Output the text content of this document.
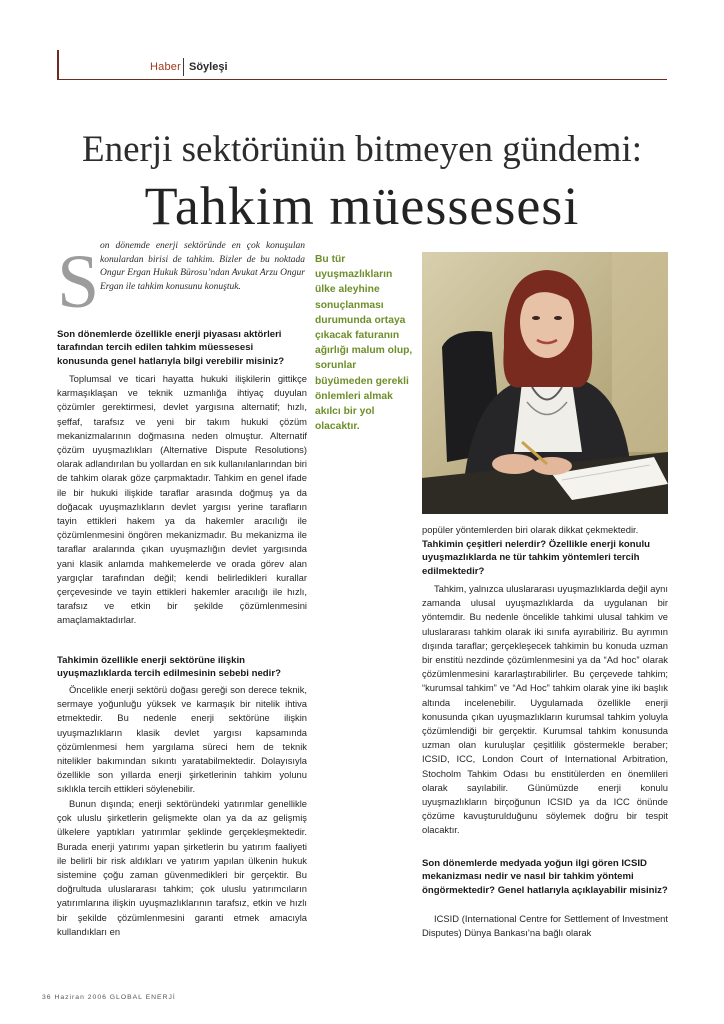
Haber Söyleşi
Enerji sektörünün bitmeyen gündemi:
Tahkim müessesesi
S on dönemde enerji sektöründe en çok konuşulan konulardan birisi de tahkim. Bizler de bu noktada Ongur Ergan Hukuk Bürosu’ndan Avukat Arzu Ongur Ergan ile tahkim konusunu konuştuk.
Bu tür uyuşmazlıkların ülke aleyhine sonuçlanması durumunda ortaya çıkacak faturanın ağırlığı malum olup, sorunlar büyümeden gerekli önlemleri almak akılcı bir yol olacaktır.

Son dönemlerde özellikle enerji piyasası aktörleri tarafından tercih edilen tahkim müessesesi konusunda genel hatlarıyla bilgi verebilir misiniz?

Toplumsal ve ticari hayatta hukuki ilişkilerin gittikçe karmaşıklaşan ve teknik uzmanlığa ihtiyaç duyulan çözümler gerektirmesi, devlet yargısına alternatif; hızlı, şeffaf, tarafsız ve yeni bir takım hukuki çözüm mekanizmalarının doğmasına neden olmuştur. Alternatif çözüm uyuşmazlıkları (Alternative Dispute Resolutions) olarak adlandırılan bu yollardan en sık kullanılanlarından biri de tahkim olarak göze çarpmaktadır. Tahkim en genel ifade ile bir hukuki ilişkide taraflar arasında doğmuş ya da doğacak uyuşmazlıkların devlet yargısı yerine tarafların tayin ettikleri hakem ya da hakemler aracılığı ile çözümlenmesini öngören mekanizmadır. Bu mekanizma ile taraflar aralarında çıkan uyuşmazlığın devlet yargısında yani klasik anlamda mahkemelerde ve orada görev alan yargıçlar tarafından değil; kendi belirledikleri kurallar çerçevesinde ve tayin ettikleri hakemler aracılığı ile hızlı, tarafsız ve etkin bir şekilde çözümlenmesini amaçlamaktadırlar.

Tahkimin özellikle enerji sektörüne ilişkin uyuşmazlıklarda tercih edilmesinin sebebi nedir?

Öncelikle enerji sektörü doğası gereği son derece teknik, sermaye yoğunluğu yüksek ve karmaşık bir nitelik ihtiva etmektedir. Bu nedenle enerji sektörüne ilişkin uyuşmazlıkların klasik devlet yargısı kapsamında çözümlenmesi hem yargılama süreci hem de teknik nitelikler bakımından sıkıntı yaratabilmektedir. Dolayısıyla özellikle son yıllarda enerji şirketlerinin tahkim yolunu sıklıkla tercih ettikleri söylenebilir.

Bunun dışında; enerji sektöründeki yatırımlar genellikle çok uluslu şirketlerin gelişmekte olan ya da az gelişmiş ülkelere yaptıkları yatırımlar şeklinde gerçekleşmektedir. Burada enerji yatırımı yapan şirketlerin bu yatırım faaliyeti ile belirli bir risk aldıkları ve yatırım yapılan ülkenin hukuk sistemine çoğu zaman güvenmedikleri bir gerçektir. Bu doğrultuda uluslararası tahkim; çok uluslu yatırımcıların yatırımlarına ilişkin uyuşmazlıklarının tarafsız, etkin ve hızlı bir şekilde çözümlenmesini garanti etmek amacıyla kullandıkları en

popüler yöntemlerden biri olarak dikkat çekmektedir.

Tahkimin çeşitleri nelerdir? Özellikle enerji konulu uyuşmazlıklarda ne tür tahkim yöntemleri tercih edilmektedir?

Tahkim, yalnızca uluslararası uyuşmazlıklarda değil aynı zamanda ulusal uyuşmazlıklarda da uygulanan bir yöntemdir. Bu nedenle öncelikle tahkimi ulusal tahkim ve uluslararası tahkim olarak iki sınıfa ayırabiliriz. Bu ayrımın dışında taraflar; gerçekleşecek tahkimin bu konuda uzman bir enstitü nezdinde çözümlenmesini ya da “Ad hoc” olarak çözümlenmesini kararlaştırabilirler. Bu çerçevede tahkim; “kurumsal tahkim” ve “Ad Hoc” tahkim olarak yine iki başlık altında incelenebilir. Uygulamada özellikle enerji konusunda çıkan uyuşmazlıkların kurumsal tahkim yoluyla çözümlendiği bir gerçektir. Kurumsal tahkim konusunda uzman olan kuruluşlar çeşitlilik göstermekle beraber; ICSID, ICC, London Court of International Arbitration, Stocholm Tahkim Odası bu enstitülerden en önemlileri olarak sayılabilir. Günümüzde enerji konulu uyuşmazlıkların birçoğunun ICSID ya da ICC önünde çözüme kavuşturulduğunu söylemek doğru bir tespit olacaktır.

Son dönemlerde medyada yoğun ilgi gören ICSID mekanizması nedir ve nasıl bir tahkim yöntemi öngörmektedir? Genel hatlarıyla açıklayabilir misiniz?

ICSID (International Centre for Settlement of Investment Disputes) Dünya Bankası’na bağlı olarak

36 Haziran 2006 GLOBAL ENERJİ
